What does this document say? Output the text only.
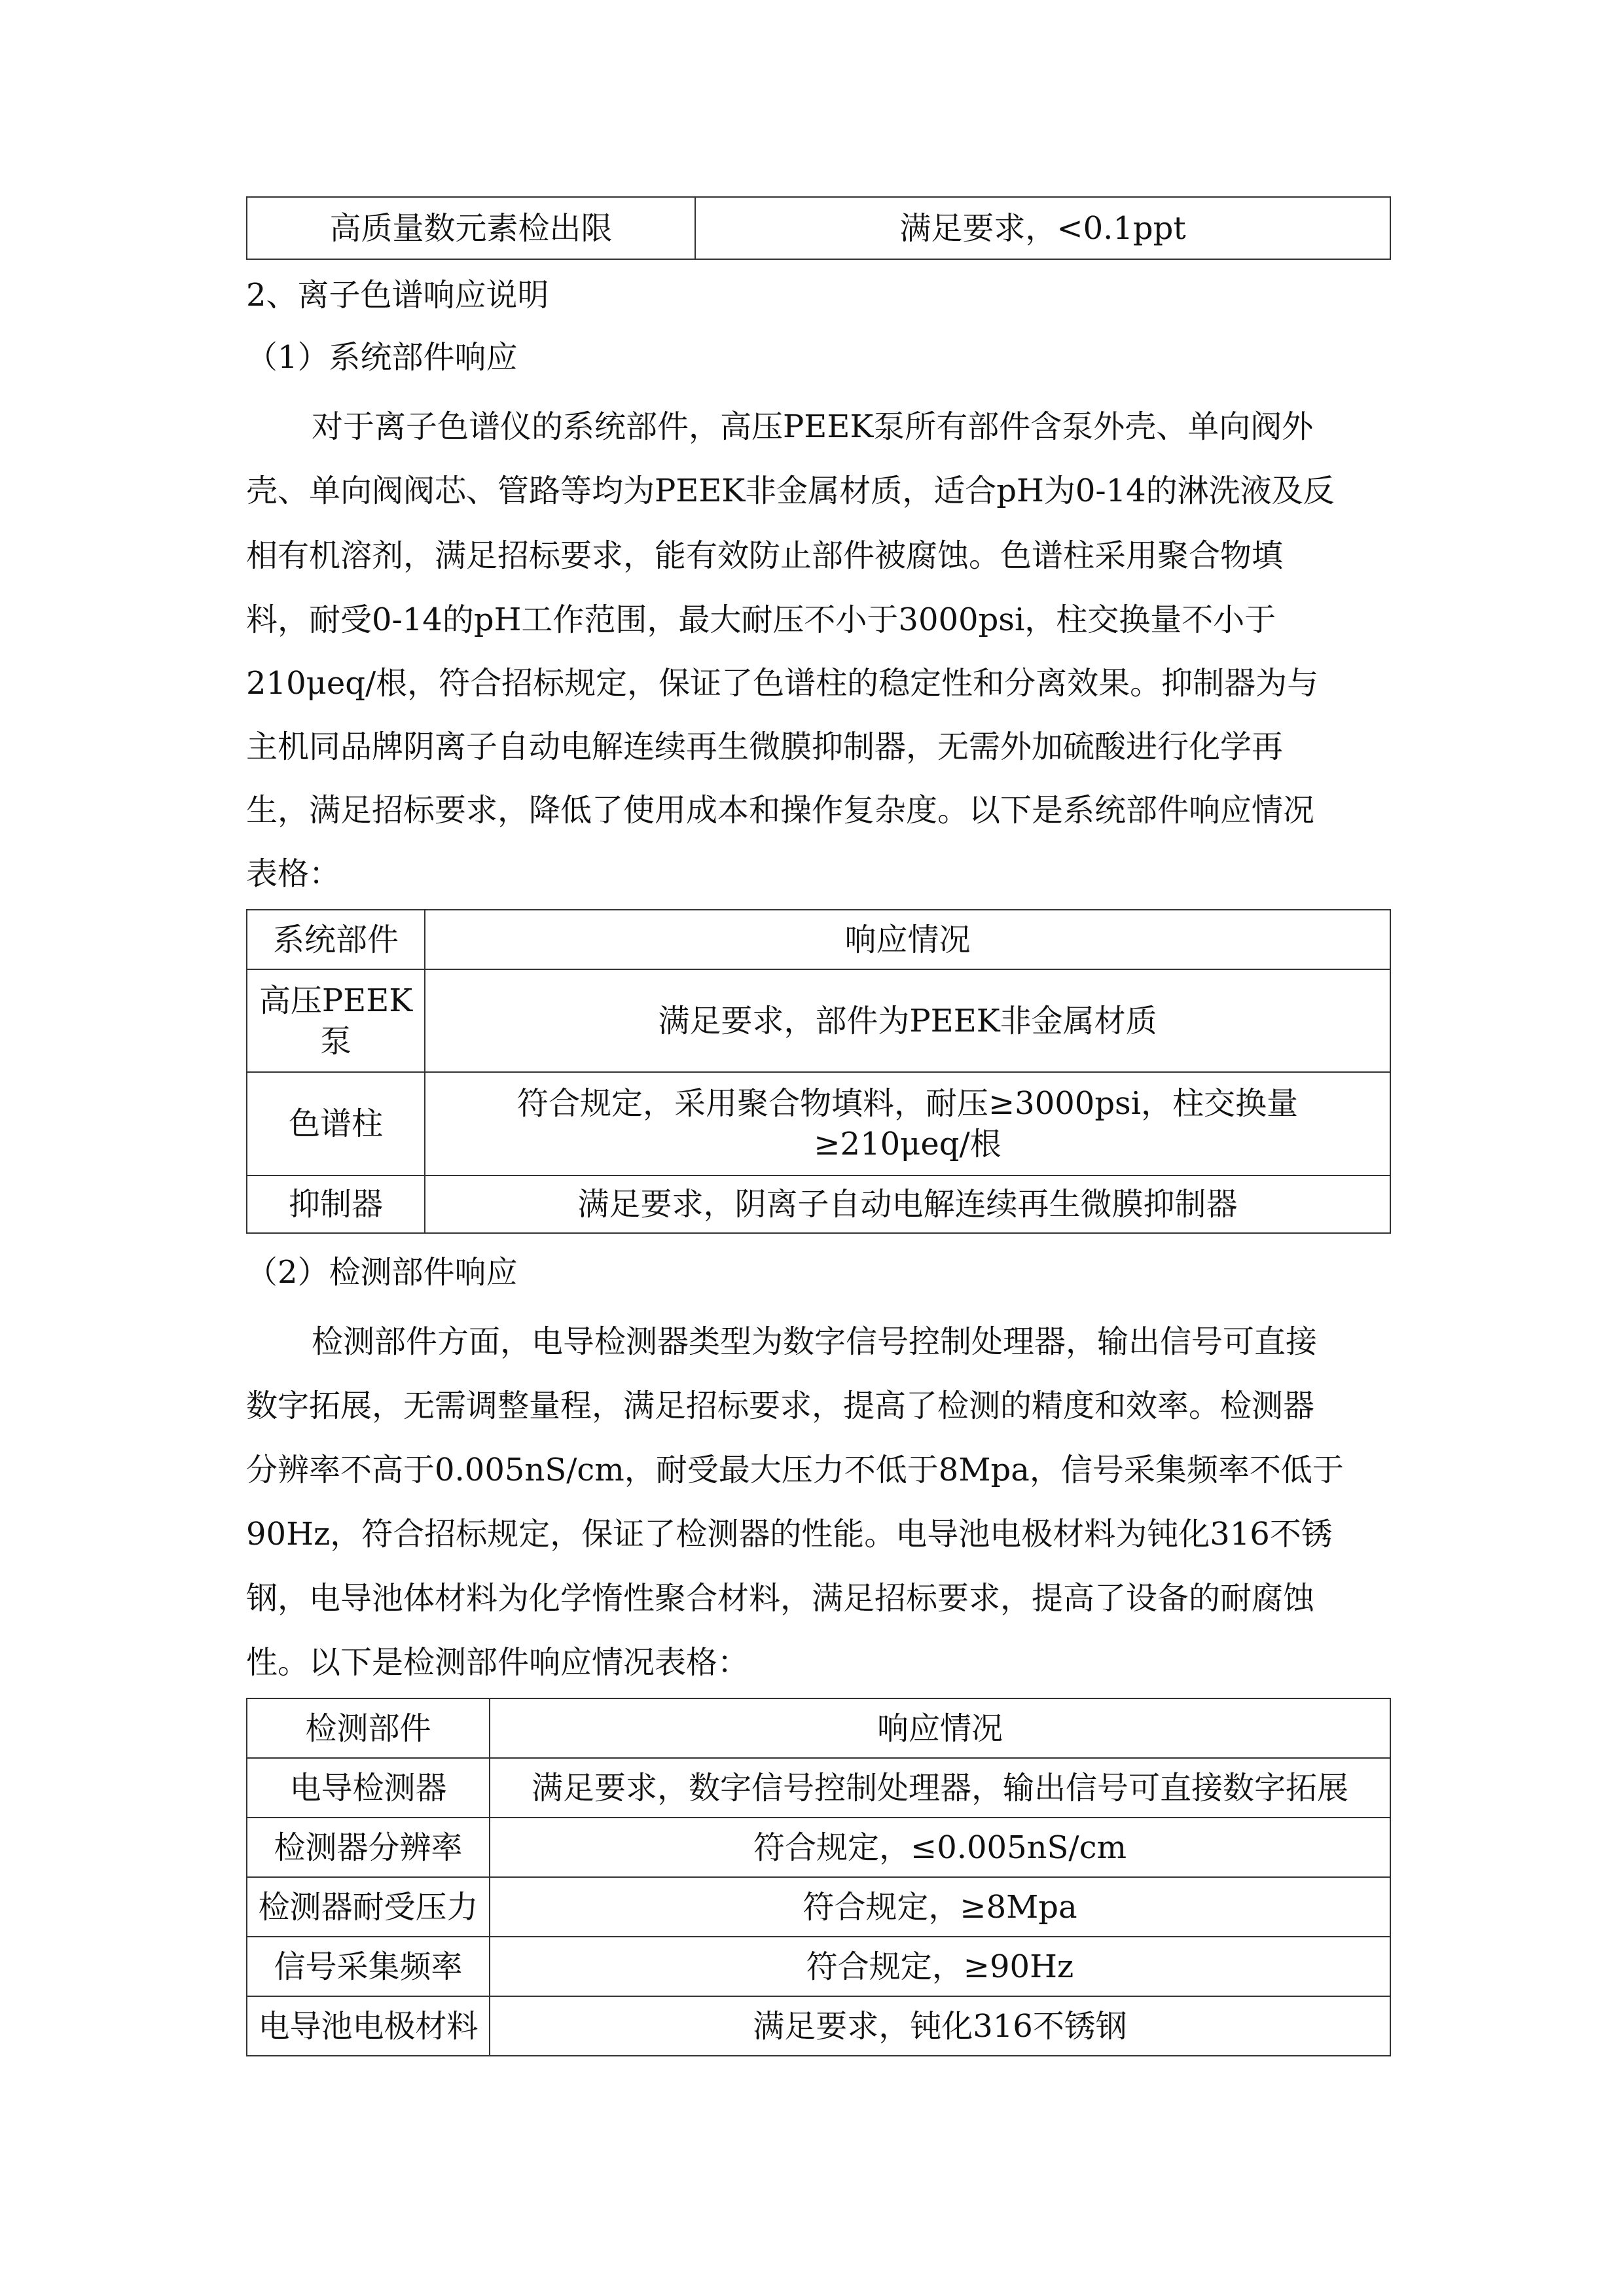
高质量数元素检出限	满足要求，<0.1ppt
2、离子色谱响应说明
（1）系统部件响应
对于离子色谱仪的系统部件，高压PEEK泵所有部件含泵外壳、单向阀外
壳、单向阀阀芯、管路等均为PEEK非金属材质，适合pH为0-14的淋洗液及反
相有机溶剂，满足招标要求，能有效防止部件被腐蚀。色谱柱采用聚合物填
料，耐受0-14的pH工作范围，最大耐压不小于3000psi，柱交换量不小于
210μeq/根，符合招标规定，保证了色谱柱的稳定性和分离效果。抑制器为与
主机同品牌阴离子自动电解连续再生微膜抑制器，无需外加硫酸进行化学再
生，满足招标要求，降低了使用成本和操作复杂度。以下是系统部件响应情况
表格：
系统部件	响应情况
高压PEEK泵	满足要求，部件为PEEK非金属材质
色谱柱	符合规定，采用聚合物填料，耐压≥3000psi，柱交换量≥210μeq/根
抑制器	满足要求，阴离子自动电解连续再生微膜抑制器
（2）检测部件响应
检测部件方面，电导检测器类型为数字信号控制处理器，输出信号可直接
数字拓展，无需调整量程，满足招标要求，提高了检测的精度和效率。检测器
分辨率不高于0.005nS/cm，耐受最大压力不低于8Mpa，信号采集频率不低于
90Hz，符合招标规定，保证了检测器的性能。电导池电极材料为钝化316不锈
钢，电导池体材料为化学惰性聚合材料，满足招标要求，提高了设备的耐腐蚀
性。以下是检测部件响应情况表格：
检测部件	响应情况
电导检测器	满足要求，数字信号控制处理器，输出信号可直接数字拓展
检测器分辨率	符合规定，≤0.005nS/cm
检测器耐受压力	符合规定，≥8Mpa
信号采集频率	符合规定，≥90Hz
电导池电极材料	满足要求，钝化316不锈钢
